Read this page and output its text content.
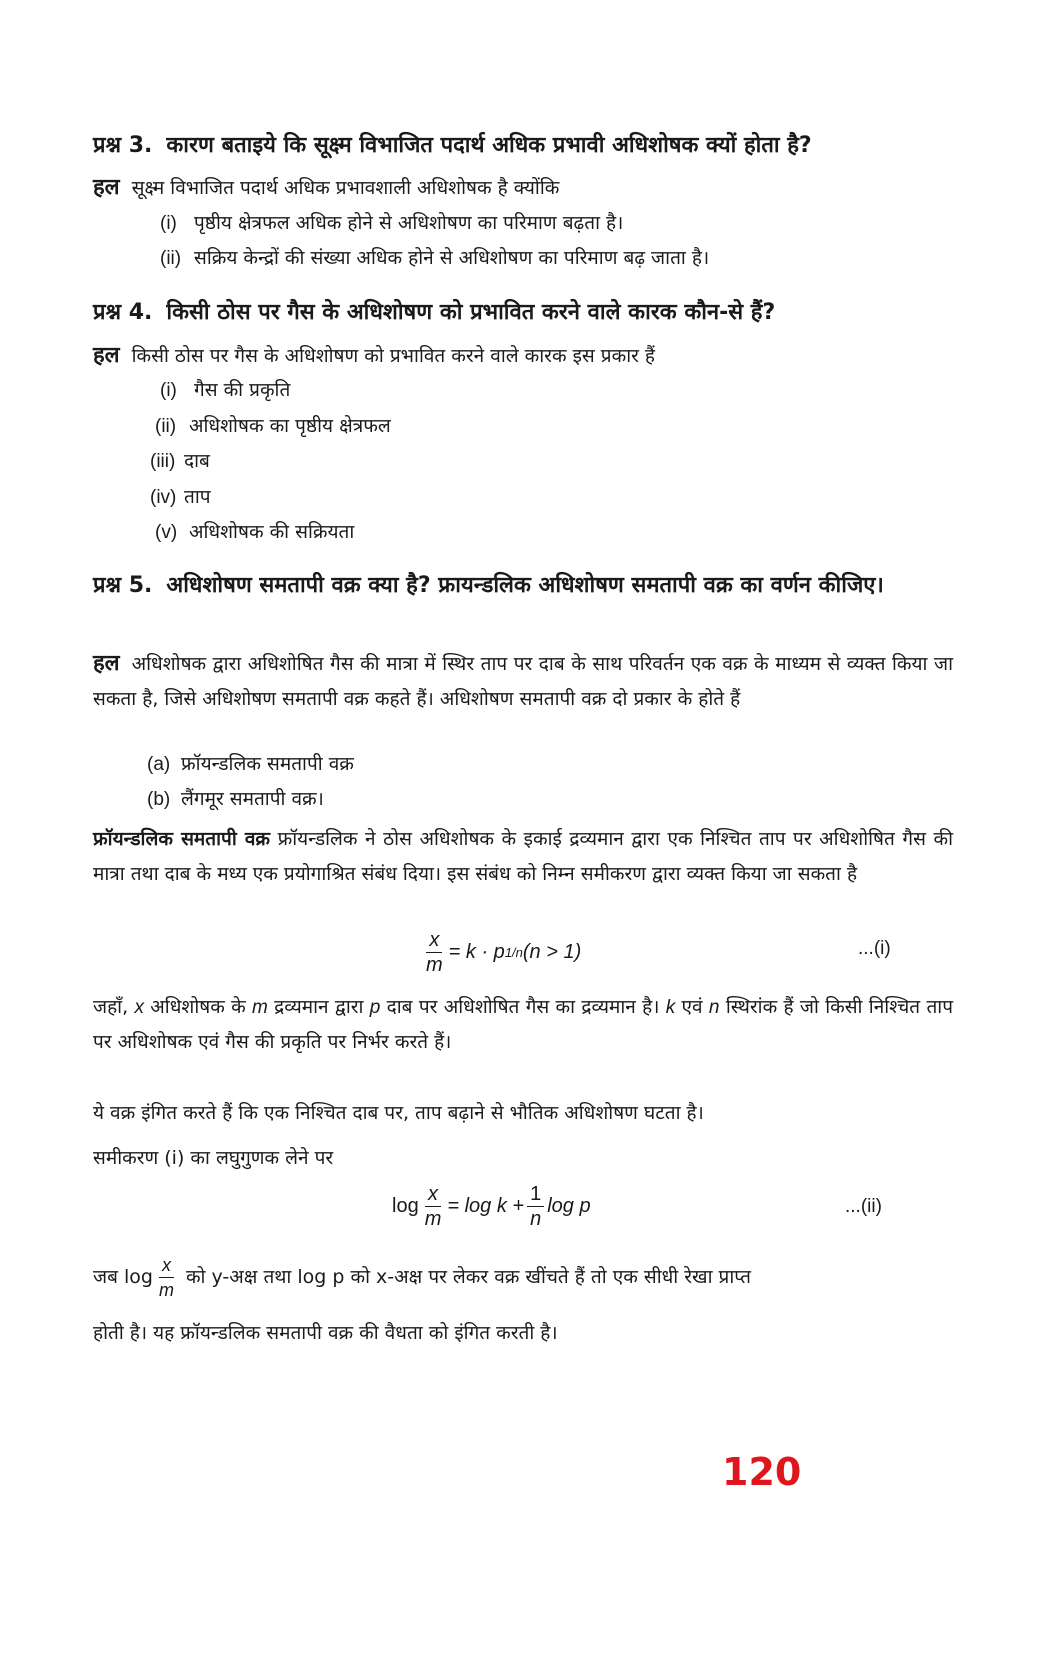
प्रश्न 3. कारण बताइये कि सूक्ष्म विभाजित पदार्थ अधिक प्रभावी अधिशोषक क्यों होता है?
हल सूक्ष्म विभाजित पदार्थ अधिक प्रभावशाली अधिशोषक है क्योंकि
(i) पृष्ठीय क्षेत्रफल अधिक होने से अधिशोषण का परिमाण बढ़ता है।
(ii) सक्रिय केन्द्रों की संख्या अधिक होने से अधिशोषण का परिमाण बढ़ जाता है।
प्रश्न 4. किसी ठोस पर गैस के अधिशोषण को प्रभावित करने वाले कारक कौन-से हैं?
हल किसी ठोस पर गैस के अधिशोषण को प्रभावित करने वाले कारक इस प्रकार हैं
(i) गैस की प्रकृति
(ii) अधिशोषक का पृष्ठीय क्षेत्रफल
(iii) दाब
(iv) ताप
(v) अधिशोषक की सक्रियता
प्रश्न 5. अधिशोषण समतापी वक्र क्या है? फ्रायन्डलिक अधिशोषण समतापी वक्र का वर्णन कीजिए।
हल अधिशोषक द्वारा अधिशोषित गैस की मात्रा में स्थिर ताप पर दाब के साथ परिवर्तन एक वक्र के माध्यम से व्यक्त किया जा सकता है, जिसे अधिशोषण समतापी वक्र कहते हैं। अधिशोषण समतापी वक्र दो प्रकार के होते हैं
(a) फ्रॉयन्डलिक समतापी वक्र
(b) लैंगमूर समतापी वक्र।
फ्रॉयन्डलिक समतापी वक्र फ्रॉयन्डलिक ने ठोस अधिशोषक के इकाई द्रव्यमान द्वारा एक निश्चित ताप पर अधिशोषित गैस की मात्रा तथा दाब के मध्य एक प्रयोगाश्रित संबंध दिया। इस संबंध को निम्न समीकरण द्वारा व्यक्त किया जा सकता है
$\frac{x}{m} = k \cdot p$ 1/n (n > 1)	...(i)
जहाँ, x अधिशोषक के m द्रव्यमान द्वारा p दाब पर अधिशोषित गैस का द्रव्यमान है। k एवं n स्थिरांक हैं जो किसी निश्चित ताप पर अधिशोषक एवं गैस की प्रकृति पर निर्भर करते हैं।
ये वक्र इंगित करते हैं कि एक निश्चित दाब पर, ताप बढ़ाने से भौतिक अधिशोषण घटता है।
समीकरण (i) का लघुगुणक लेने पर
$\log \frac{x}{m} = \log k + \frac{1}{n}$ log p	...(ii)
जब $\log \frac{x}{m}$ को y-अक्ष तथा log p को x-अक्ष पर लेकर वक्र खींचते हैं तो एक सीधी रेखा प्राप्त
होती है। यह फ्रॉयन्डलिक समतापी वक्र की वैधता को इंगित करती है।
120
